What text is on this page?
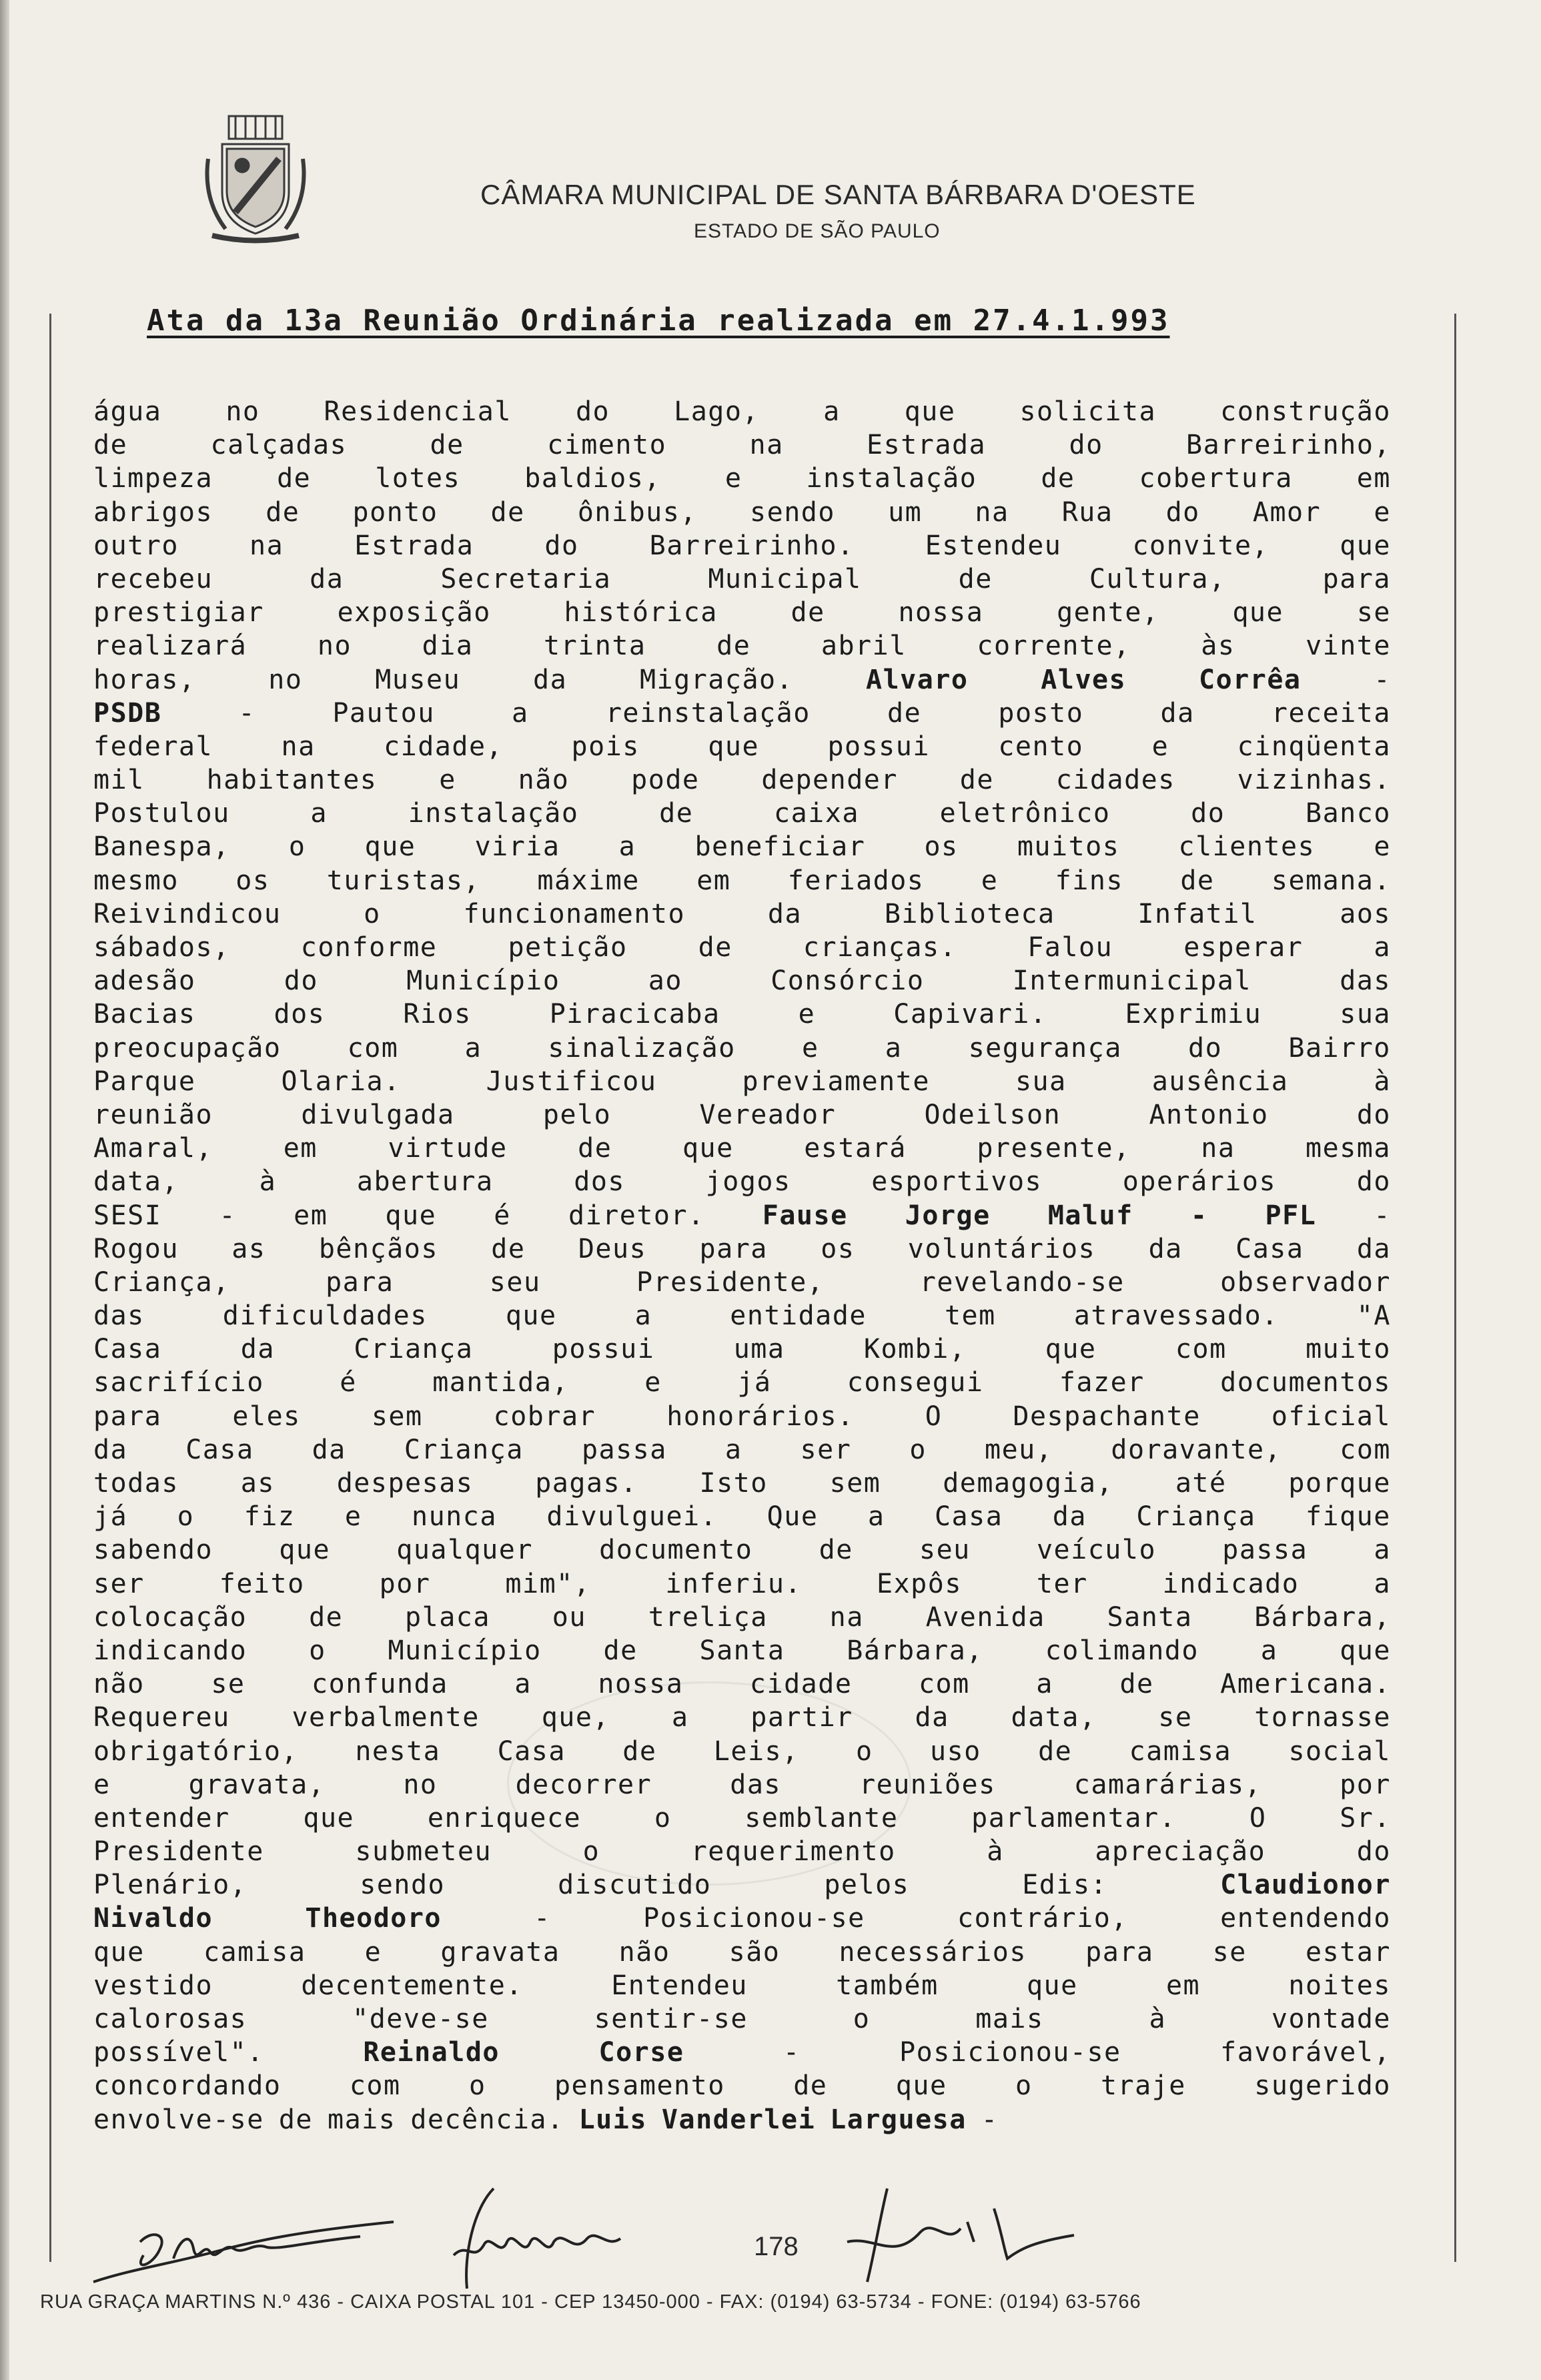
CÂMARA MUNICIPAL DE SANTA BÁRBARA D'OESTE
ESTADO DE SÃO PAULO
Ata da 13a Reunião Ordinária realizada em 27.4.1.993
água no Residencial do Lago, a que solicita construção
de	calçadas	de	cimento	na	Estrada	do	Barreirinho,
limpeza de lotes baldios, e instalação de cobertura em
abrigos de ponto de ônibus, sendo um na Rua do Amor e
outro	na	Estrada	do	Barreirinho.	Estendeu	convite,	que
recebeu	da	Secretaria	Municipal	de	Cultura,	para
prestigiar	exposição	histórica	de	nossa	gente,	que	se
realizará	no	dia	trinta	de	abril	corrente,	às	vinte
horas,	no	Museu	da	Migração.	Alvaro	Alves	Corrêa	-
PSDB	-	Pautou	a	reinstalação	de	posto	da	receita
federal	na	cidade,	pois	que	possui	cento	e	cinqüenta
mil habitantes e não pode depender de cidades vizinhas.
Postulou	a	instalação	de	caixa	eletrônico	do	Banco
Banespa, o que viria a beneficiar os muitos clientes e
mesmo os turistas, máxime em feriados e fins de semana.
Reivindicou	o	funcionamento	da	Biblioteca	Infatil	aos
sábados,	conforme	petição	de	crianças.	Falou	esperar	a
adesão	do	Município	ao	Consórcio	Intermunicipal	das
Bacias	dos	Rios	Piracicaba	e	Capivari.	Exprimiu	sua
preocupação com a sinalização e a segurança do Bairro
Parque	Olaria.	Justificou	previamente	sua	ausência	à
reunião	divulgada	pelo	Vereador	Odeilson	Antonio	do
Amaral,	em	virtude	de	que	estará	presente,	na	mesma
data,	à	abertura	dos	jogos	esportivos	operários	do
SESI - em que é diretor. Fause Jorge Maluf - PFL -
Rogou as bênçãos de Deus para os voluntários da Casa da
Criança,	para	seu	Presidente,	revelando-se	observador
das	dificuldades	que	a	entidade	tem	atravessado.	"A
Casa	da	Criança	possui	uma	Kombi,	que	com	muito
sacrifício	é	mantida,	e	já	consegui	fazer	documentos
para	eles	sem	cobrar	honorários.	O	Despachante	oficial
da Casa da Criança passa a ser o meu, doravante, com
todas as despesas pagas. Isto sem demagogia, até porque
já o fiz e nunca divulguei. Que a Casa da Criança fique
sabendo que qualquer documento de seu veículo passa a
ser	feito	por	mim",	inferiu.	Expôs	ter	indicado	a
colocação de placa ou treliça na Avenida Santa Bárbara,
indicando o Município de Santa Bárbara, colimando a que
não se confunda a nossa cidade com a de Americana.
Requereu verbalmente que, a partir da data, se tornasse
obrigatório, nesta Casa de Leis, o uso de camisa social
e	gravata,	no	decorrer	das	reuniões	camarárias,	por
entender	que	enriquece	o	semblante	parlamentar.	O	Sr.
Presidente	submeteu	o	requerimento	à	apreciação	do
Plenário,	sendo	discutido	pelos	Edis:	Claudionor
Nivaldo	Theodoro	-	Posicionou-se	contrário,	entendendo
que camisa e gravata não são necessários para se estar
vestido	decentemente.	Entendeu	também	que	em	noites
calorosas	"deve-se	sentir-se	o	mais	à	vontade
possível".	Reinaldo	Corse	-	Posicionou-se	favorável,
concordando	com	o	pensamento	de	que	o	traje	sugerido
envolve-se de mais decência. Luis Vanderlei Larguesa -
178
RUA GRAÇA MARTINS N.º 436 - CAIXA POSTAL 101 - CEP 13450-000 - FAX: (0194) 63-5734 - FONE: (0194) 63-5766
